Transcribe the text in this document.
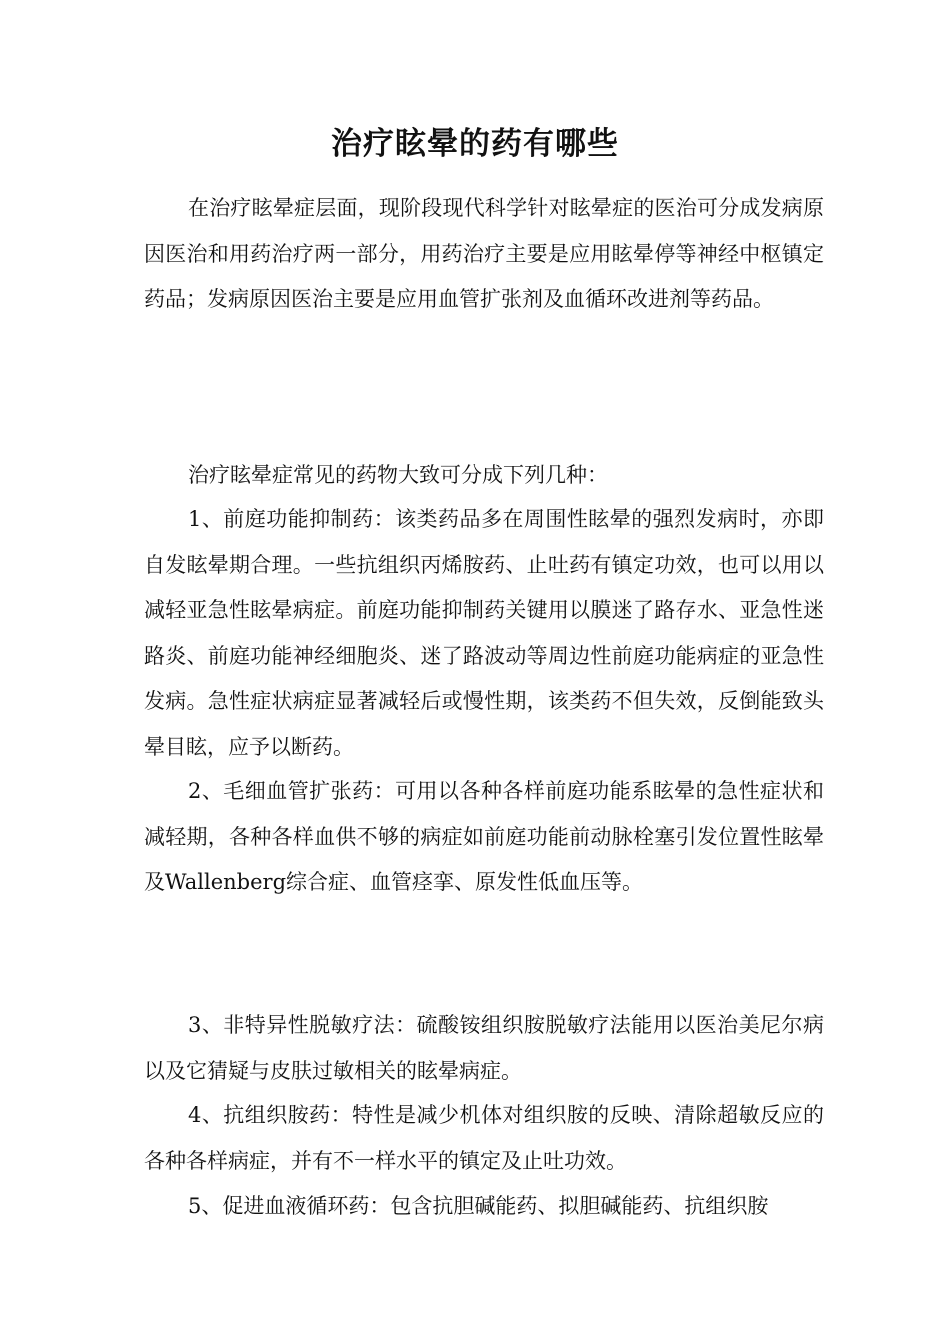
治疗眩晕的药有哪些

在治疗眩晕症层面，现阶段现代科学针对眩晕症的医治可分成发病原因医治和用药治疗两一部分，用药治疗主要是应用眩晕停等神经中枢镇定药品；发病原因医治主要是应用血管扩张剂及血循环改进剂等药品。

治疗眩晕症常见的药物大致可分成下列几种：

1、前庭功能抑制药：该类药品多在周围性眩晕的强烈发病时，亦即自发眩晕期合理。一些抗组织丙烯胺药、止吐药有镇定功效，也可以用以减轻亚急性眩晕病症。前庭功能抑制药关键用以膜迷了路存水、亚急性迷路炎、前庭功能神经细胞炎、迷了路波动等周边性前庭功能病症的亚急性发病。急性症状病症显著减轻后或慢性期，该类药不但失效，反倒能致头晕目眩，应予以断药。

2、毛细血管扩张药：可用以各种各样前庭功能系眩晕的急性症状和减轻期，各种各样血供不够的病症如前庭功能前动脉栓塞引发位置性眩晕及Wallenberg综合症、血管痉挛、原发性低血压等。

3、非特异性脱敏疗法：硫酸铵组织胺脱敏疗法能用以医治美尼尔病以及它猜疑与皮肤过敏相关的眩晕病症。

4、抗组织胺药：特性是减少机体对组织胺的反映、清除超敏反应的各种各样病症，并有不一样水平的镇定及止吐功效。

5、促进血液循环药：包含抗胆碱能药、拟胆碱能药、抗组织胺
